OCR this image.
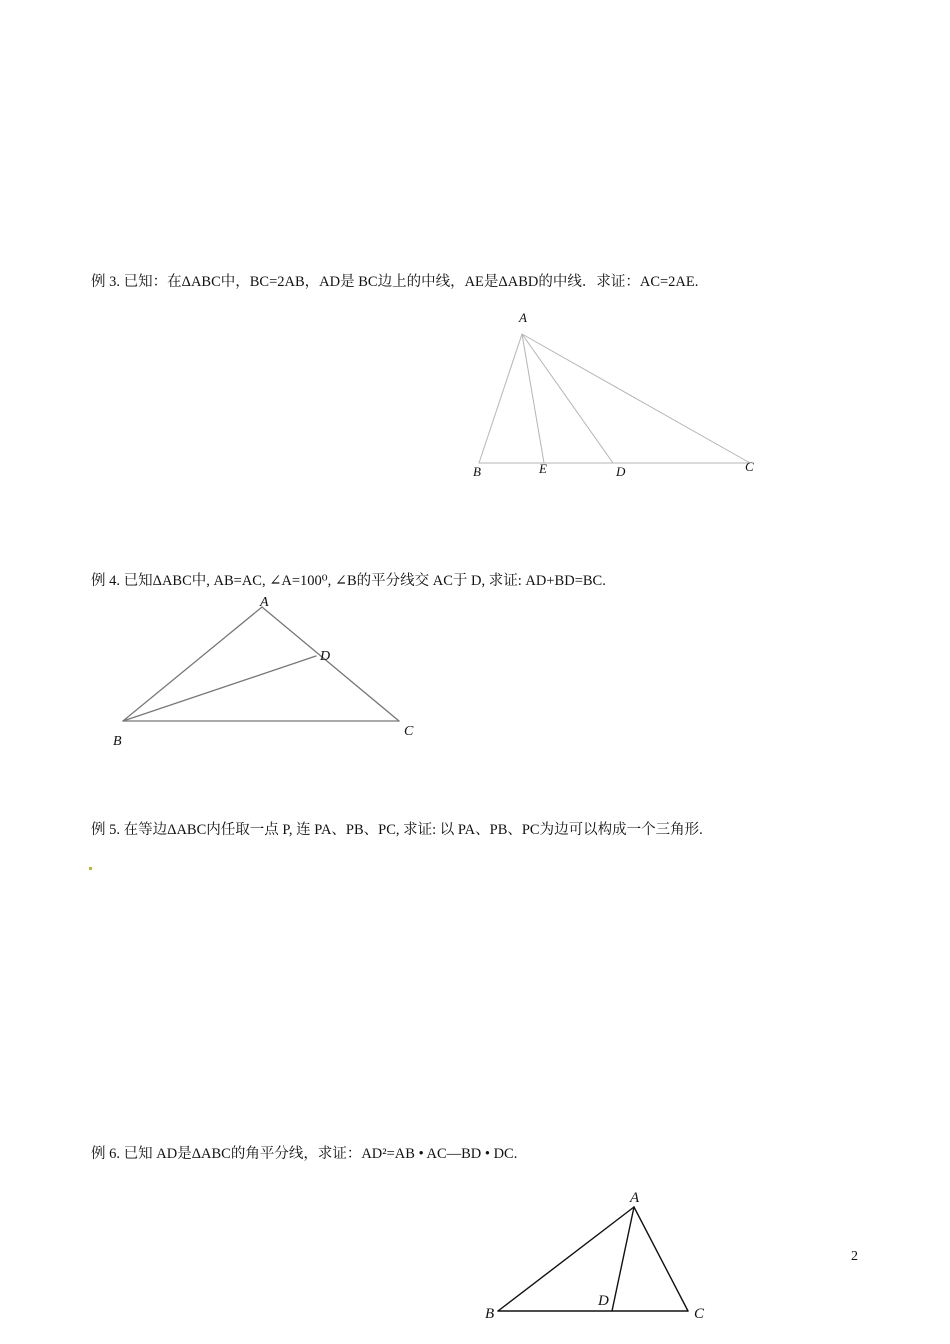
例 3. 已知：在ΔABC中，BC=2AB，AD是 BC边上的中线，AE是ΔABD的中线．求证：AC=2AE.
A
B	E	D	C
A
B
C
D
A
B
D
C
例 4. 已知ΔABC中, AB=AC, ∠A=100⁰, ∠B的平分线交 AC于 D, 求证: AD+BD=BC.
例 5. 在等边ΔABC内任取一点 P, 连 PA、PB、PC, 求证: 以 PA、PB、PC为边可以构成一个三角形.
例 6. 已知 AD是ΔABC的角平分线，求证：AD²=AB • AC—BD • DC.
2
